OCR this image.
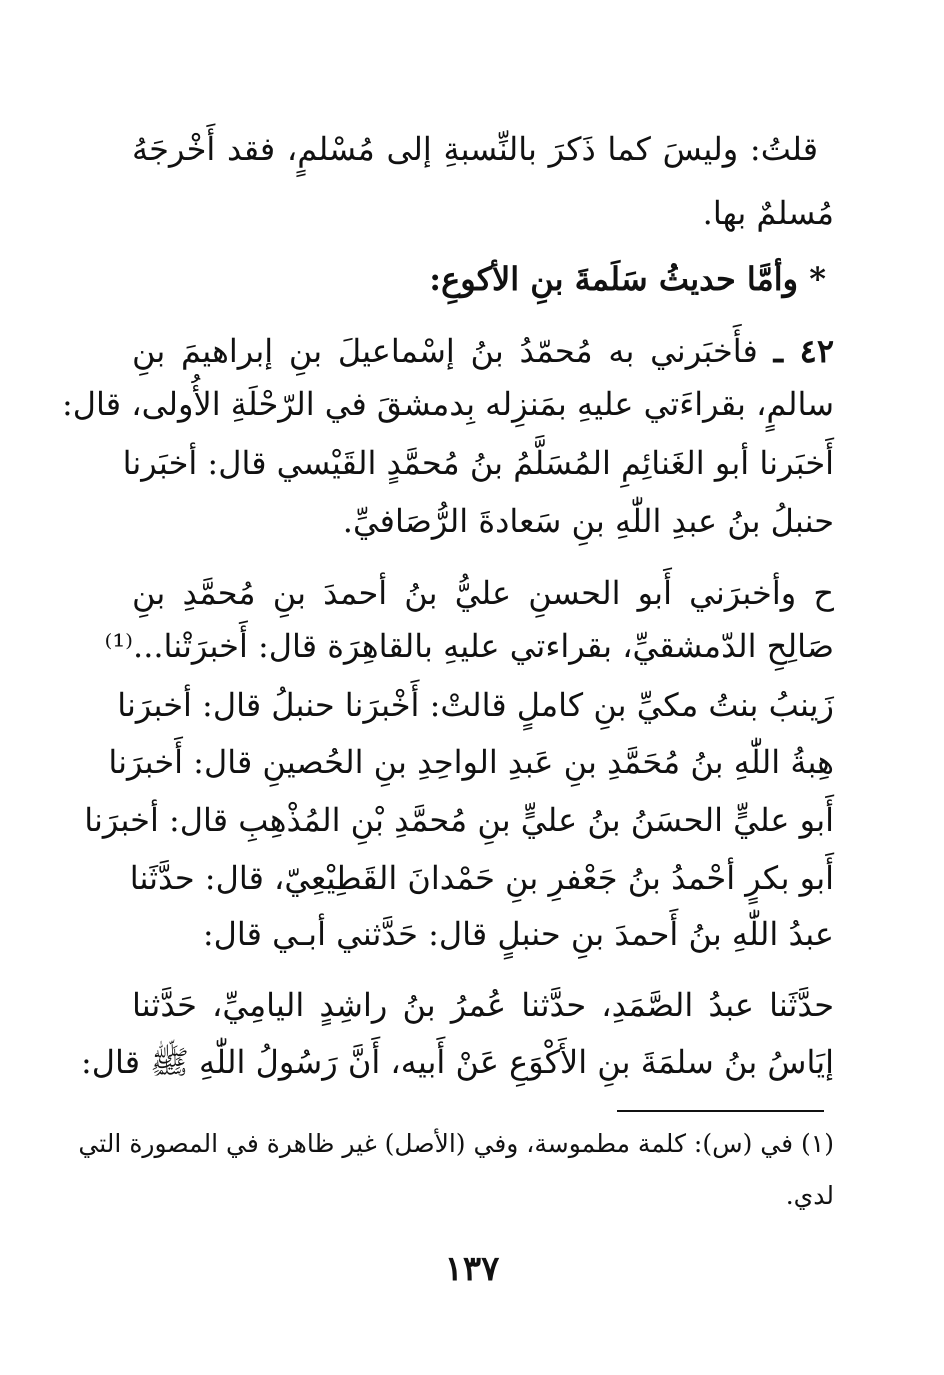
قلتُ: وليسَ كما ذَكرَ بالنِّسبةِ إلى مُسْلمٍ، فقد أَخْرجَهُ
مُسلمٌ بها.
* وأمَّا حديثُ سَلَمةَ بنِ الأكوعِ:
٤٢ ـ فأَخبَرني به مُحمّدُ بنُ إسْماعيلَ بنِ إبراهيمَ بنِ
سالمٍ، بقراءَتي عليهِ بمَنزِله بِدمشقَ في الرّحْلَةِ الأُولى، قال:
أَخبَرنا أبو الغَنائِمِ المُسَلَّمُ بنُ مُحمَّدٍ القَيْسي قال: أخبَرنا
حنبلُ بنُ عبدِ اللّٰهِ بنِ سَعادةَ الرُّصَافيِّ.
ح وأخبرَني أَبو الحسنِ عليُّ بنُ أحمدَ بنِ مُحمَّدِ بنِ
صَالِحِ الدّمشقيِّ، بقراءتي عليهِ بالقاهِرَة قال: أَخبرَتْنا...⁽¹⁾
زَينبُ بنتُ مكيِّ بنِ كاملٍ قالتْ: أَخْبرَنا حنبلُ قال: أخبرَنا
هِبةُ اللّٰهِ بنُ مُحَمَّدِ بنِ عَبدِ الواحِدِ بنِ الحُصينِ قال: أَخبرَنا
أَبو عليٍّ الحسَنُ بنُ عليٍّ بنِ مُحمَّدِ بْنِ المُذْهِبِ قال: أخبرَنا
أَبو بكرٍ أحْمدُ بنُ جَعْفرِ بنِ حَمْدانَ القَطِيْعِيّ، قال: حدَّثَنا
عبدُ اللّٰهِ بنُ أَحمدَ بنِ حنبلٍ قال: حَدَّثني أبـي قال:
حدَّثَنا عبدُ الصَّمَدِ، حدَّثنا عُمرُ بنُ راشِدٍ اليامِيِّ، حَدَّثنا
إيَاسُ بنُ سلمَةَ بنِ الأَكْوَعِ عَنْ أَبيه، أَنَّ رَسُولُ اللّٰهِ ﷺ قال:
(١) في (س): كلمة مطموسة، وفي (الأصل) غير ظاهرة في المصورة التي
لدي.
١٣٧
